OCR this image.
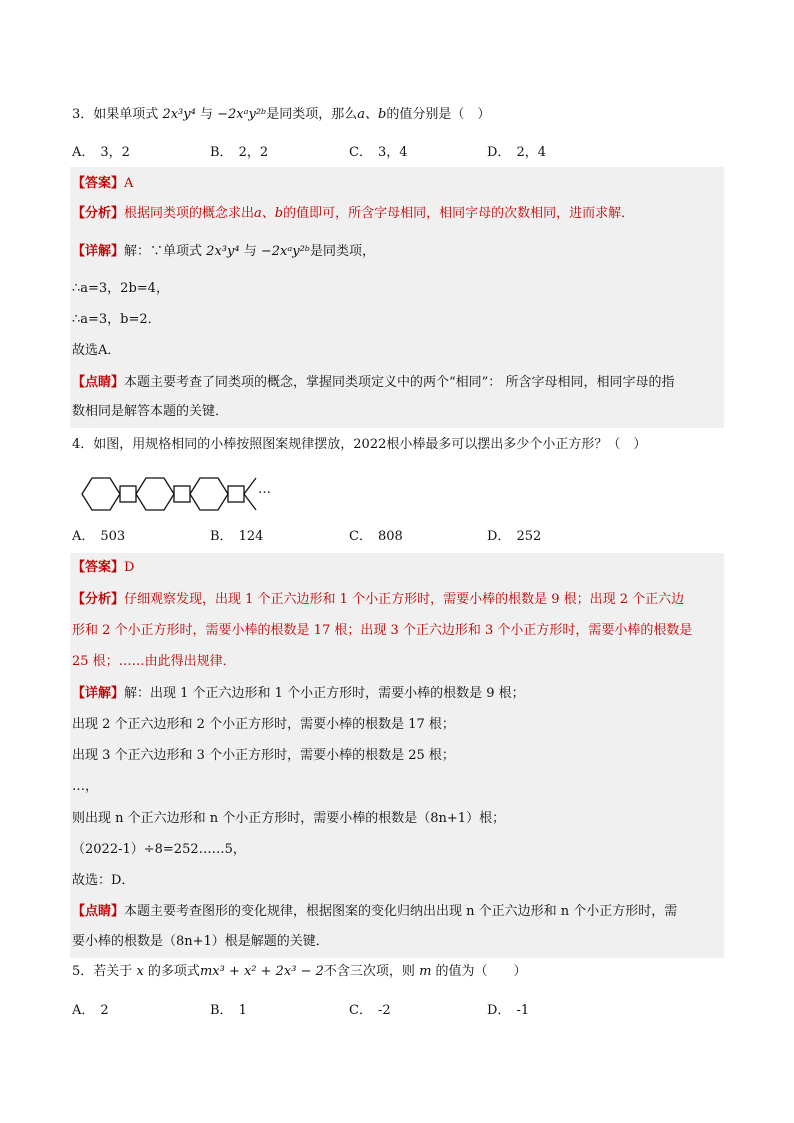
3．如果单项式 2x³y⁴ 与 −2xᵃy²ᵇ是同类项，那么a、b的值分别是（　）
A． 3，2	B． 2，2	C． 3，4	D． 2，4
【答案】A
【分析】根据同类项的概念求出a、b的值即可，所含字母相同，相同字母的次数相同，进而求解．
【详解】解：∵单项式 2x³y⁴ 与 −2xᵃy²ᵇ是同类项，
∴a=3，2b=4，
∴a=3，b=2．
故选A．
【点睛】本题主要考查了同类项的概念，掌握同类项定义中的两个“相同”： 所含字母相同，相同字母的指
数相同是解答本题的关键．
4．如图，用规格相同的小棒按照图案规律摆放，2022根小棒最多可以摆出多少个小正方形？（　）
…
A． 503	B． 124	C． 808	D． 252
【答案】D
【分析】仔细观察发现，出现 1 个正六边形和 1 个小正方形时，需要小棒的根数是 9 根；出现 2 个正六边
形和 2 个小正方形时，需要小棒的根数是 17 根；出现 3 个正六边形和 3 个小正方形时，需要小棒的根数是
25 根；……由此得出规律．
【详解】解：出现 1 个正六边形和 1 个小正方形时，需要小棒的根数是 9 根；
出现 2 个正六边形和 2 个小正方形时，需要小棒的根数是 17 根；
出现 3 个正六边形和 3 个小正方形时，需要小棒的根数是 25 根；
…，
则出现 n 个正六边形和 n 个小正方形时，需要小棒的根数是（8n+1）根；
（2022-1）÷8=252……5，
故选：D．
【点睛】本题主要考查图形的变化规律，根据图案的变化归纳出出现 n 个正六边形和 n 个小正方形时，需
要小棒的根数是（8n+1）根是解题的关键．
5．若关于 x 的多项式mx³ + x² + 2x³ − 2不含三次项，则 m 的值为（　　）
A． 2	B． 1	C． -2	D． -1
